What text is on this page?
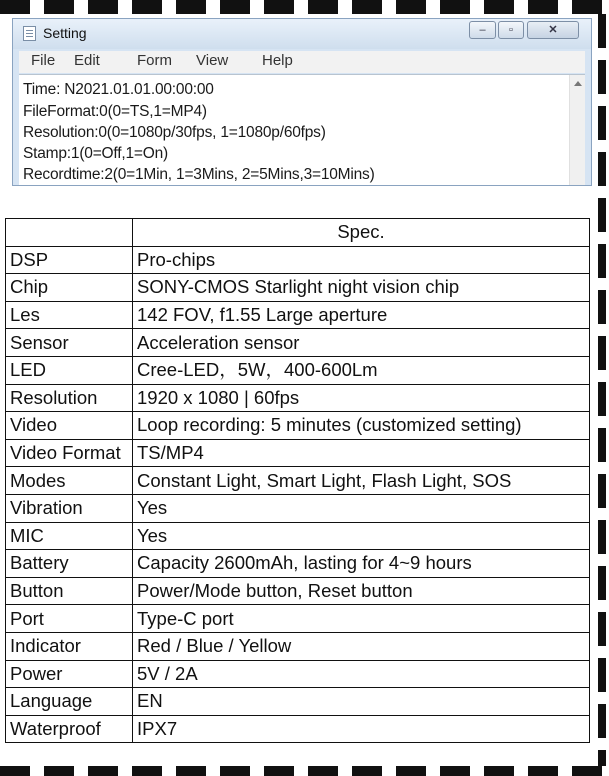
Setting	–	▫	✕
File Edit Form View Help
Time: N2021.01.01.00:00:00
FileFormat:0(0=TS,1=MP4)
Resolution:0(0=1080p/30fps, 1=1080p/60fps)
Stamp:1(0=Off,1=On)
Recordtime:2(0=1Min, 1=3Mins, 2=5Mins,3=10Mins)
	Spec.
DSP	Pro-chips
Chip	SONY-CMOS Starlight night vision chip
Les	142 FOV, f1.55 Large aperture
Sensor	Acceleration sensor
LED	Cree-LED，5W，400-600Lm
Resolution	1920 x 1080 | 60fps
Video	Loop recording: 5 minutes (customized setting)
Video Format	TS/MP4
Modes	Constant Light, Smart Light, Flash Light, SOS
Vibration	Yes
MIC	Yes
Battery	Capacity 2600mAh, lasting for 4~9 hours
Button	Power/Mode button, Reset button
Port	Type-C port
Indicator	Red / Blue / Yellow
Power	5V / 2A
Language	EN
Waterproof	IPX7
